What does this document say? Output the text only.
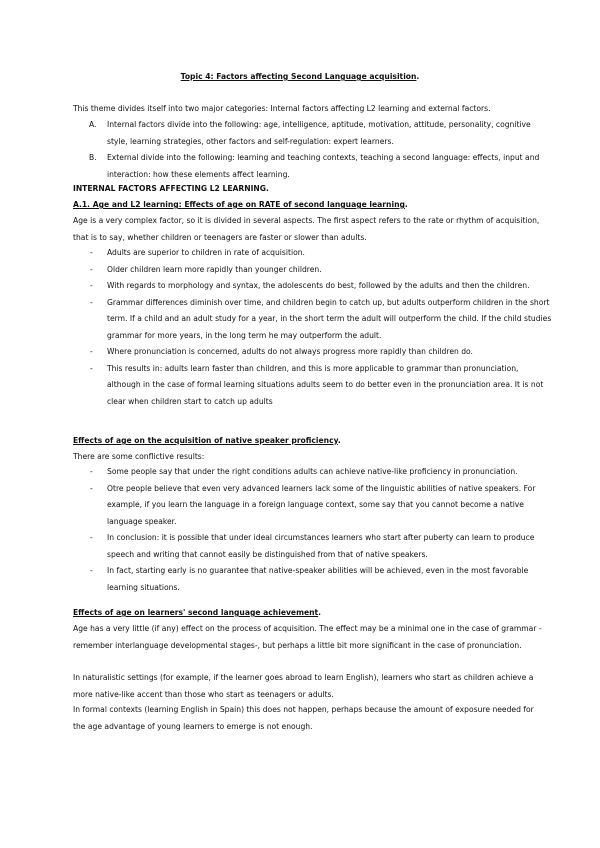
Topic 4: Factors affecting Second Language acquisition.

This theme divides itself into two major categories: Internal factors affecting L2 learning and external factors.

A. Internal factors divide into the following: age, intelligence, aptitude, motivation, attitude, personality, cognitive style, learning strategies, other factors and self-regulation: expert learners.
B. External divide into the following: learning and teaching contexts, teaching a second language: effects, input and interaction: how these elements affect learning.

INTERNAL FACTORS AFFECTING L2 LEARNING.

A.1. Age and L2 learning: Effects of age on RATE of second language learning.

Age is a very complex factor, so it is divided in several aspects. The first aspect refers to the rate or rhythm of acquisition, that is to say, whether children or teenagers are faster or slower than adults.

- Adults are superior to children in rate of acquisition.
- Older children learn more rapidly than younger children.
- With regards to morphology and syntax, the adolescents do best, followed by the adults and then the children.
- Grammar differences diminish over time, and children begin to catch up, but adults outperform children in the short term. If a child and an adult study for a year, in the short term the adult will outperform the child. If the child studies grammar for more years, in the long term he may outperform the adult.
- Where pronunciation is concerned, adults do not always progress more rapidly than children do.
- This results in: adults learn faster than children, and this is more applicable to grammar than pronunciation, although in the case of formal learning situations adults seem to do better even in the pronunciation area. It is not clear when children start to catch up adults

Effects of age on the acquisition of native speaker proficiency.

There are some conflictive results:

- Some people say that under the right conditions adults can achieve native-like proficiency in pronunciation.
- Otre people believe that even very advanced learners lack some of the linguistic abilities of native speakers. For example, if you learn the language in a foreign language context, some say that you cannot become a native language speaker.
- In conclusion: it is possible that under ideal circumstances learners who start after puberty can learn to produce speech and writing that cannot easily be distinguished from that of native speakers.
- In fact, starting early is no guarantee that native-speaker abilities will be achieved, even in the most favorable learning situations.

Effects of age on learners' second language achievement.

Age has a very little (if any) effect on the process of acquisition. The effect may be a minimal one in the case of grammar - remember interlanguage developmental stages-, but perhaps a little bit more significant in the case of pronunciation.

In naturalistic settings (for example, if the learner goes abroad to learn English), learners who start as children achieve a more native-like accent than those who start as teenagers or adults.

In formal contexts (learning English in Spain) this does not happen, perhaps because the amount of exposure needed for the age advantage of young learners to emerge is not enough.
